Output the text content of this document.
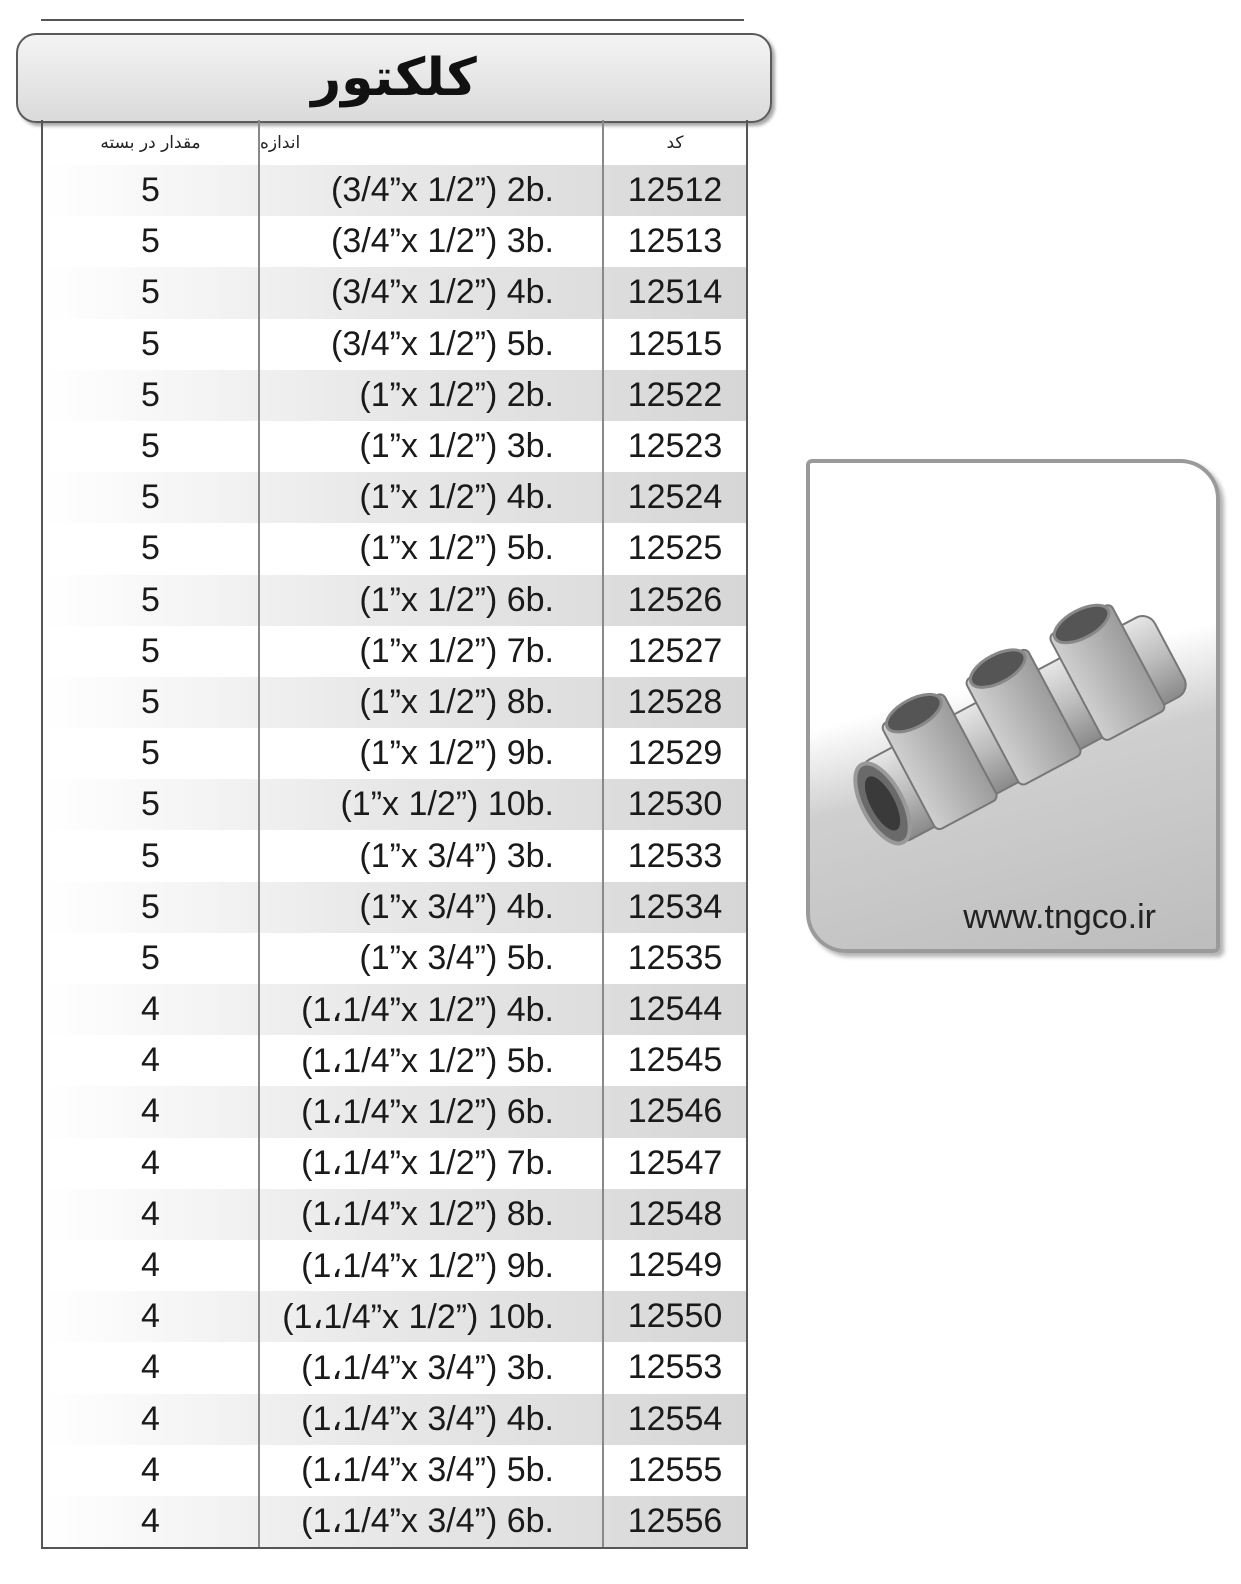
کلکتور
مقدار در بسته	اندازه	کد
5	(3/4”x 1/2”) 2b.	12512
5	(3/4”x 1/2”) 3b.	12513
5	(3/4”x 1/2”) 4b.	12514
5	(3/4”x 1/2”) 5b.	12515
5	(1”x 1/2”) 2b.	12522
5	(1”x 1/2”) 3b.	12523
5	(1”x 1/2”) 4b.	12524
5	(1”x 1/2”) 5b.	12525
5	(1”x 1/2”) 6b.	12526
5	(1”x 1/2”) 7b.	12527
5	(1”x 1/2”) 8b.	12528
5	(1”x 1/2”) 9b.	12529
5	(1”x 1/2”) 10b.	12530
5	(1”x 3/4”) 3b.	12533
5	(1”x 3/4”) 4b.	12534
5	(1”x 3/4”) 5b.	12535
4	(1،1/4”x 1/2”) 4b.	12544
4	(1،1/4”x 1/2”) 5b.	12545
4	(1،1/4”x 1/2”) 6b.	12546
4	(1،1/4”x 1/2”) 7b.	12547
4	(1،1/4”x 1/2”) 8b.	12548
4	(1،1/4”x 1/2”) 9b.	12549
4	(1،1/4”x 1/2”) 10b.	12550
4	(1،1/4”x 3/4”) 3b.	12553
4	(1،1/4”x 3/4”) 4b.	12554
4	(1،1/4”x 3/4”) 5b.	12555
4	(1،1/4”x 3/4”) 6b.	12556
www.tngco.ir
